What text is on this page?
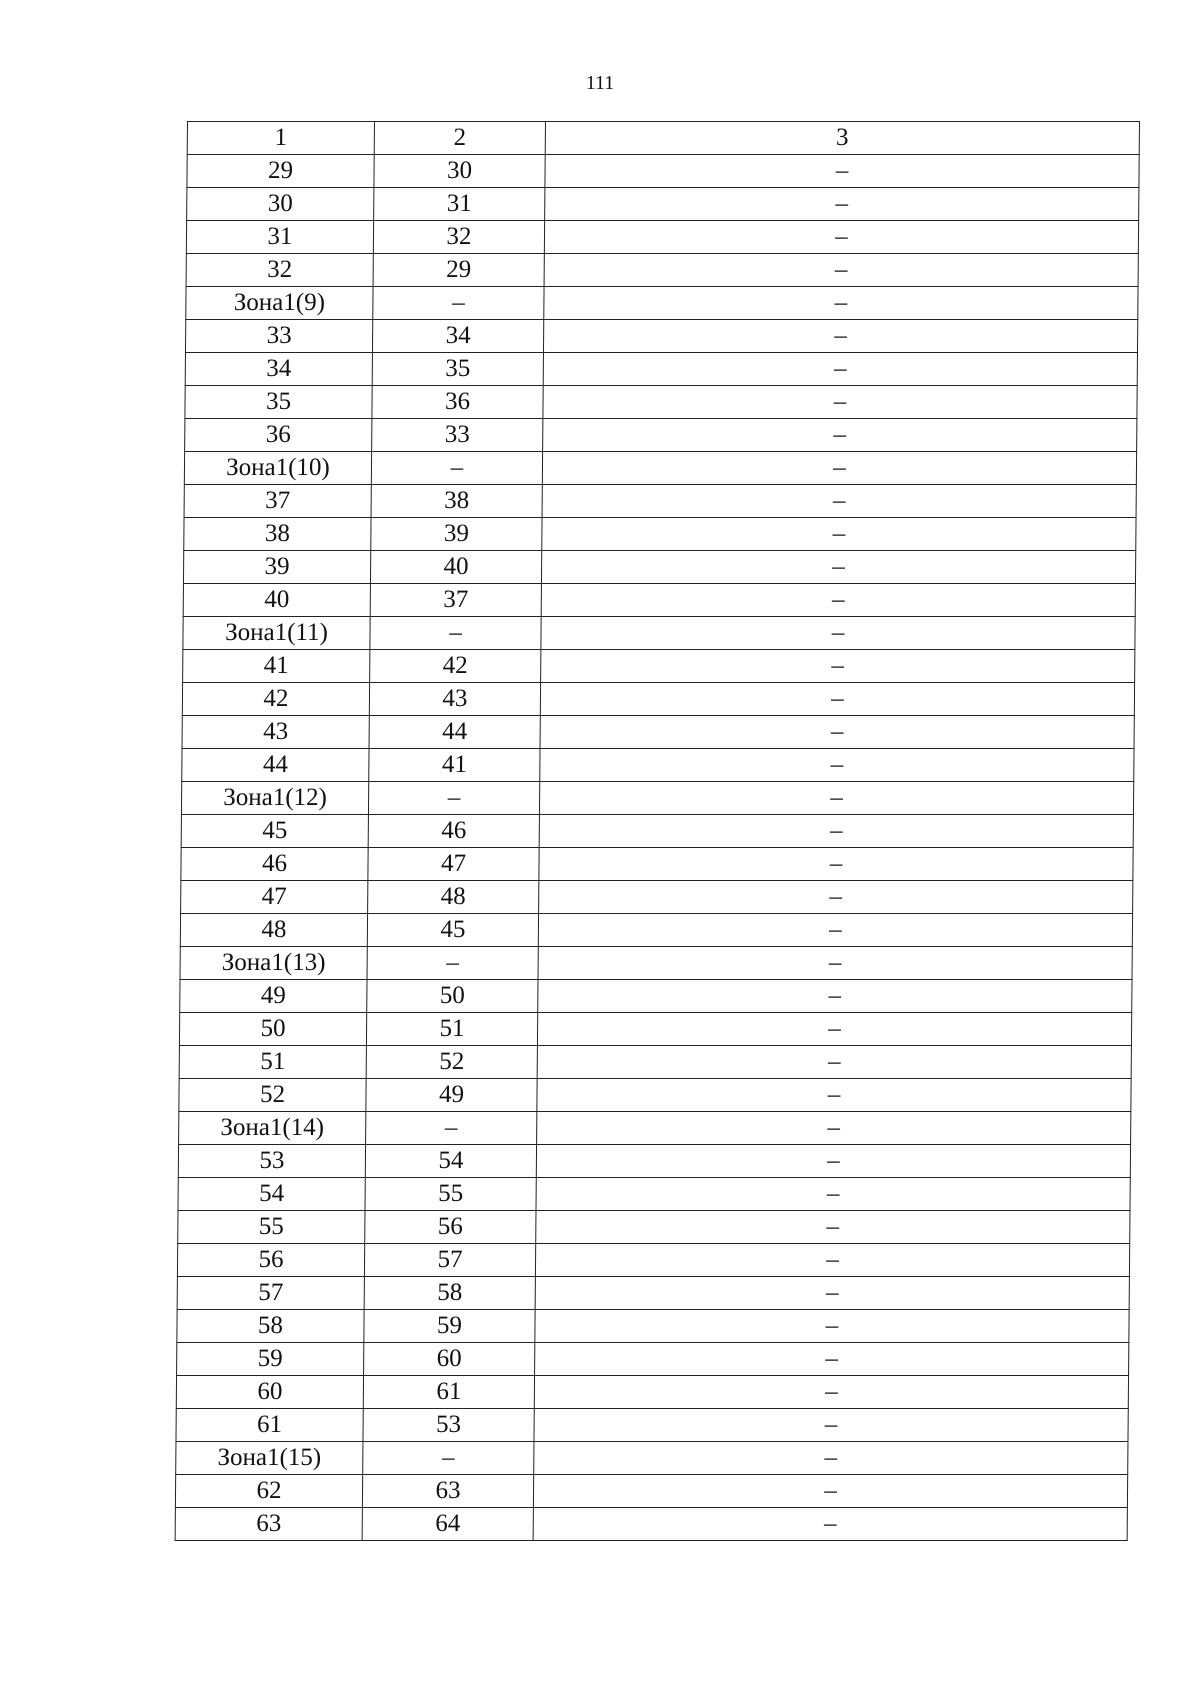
111
1	2	3
29	30	–
30	31	–
31	32	–
32	29	–
Зона1(9)	–	–
33	34	–
34	35	–
35	36	–
36	33	–
Зона1(10)	–	–
37	38	–
38	39	–
39	40	–
40	37	–
Зона1(11)	–	–
41	42	–
42	43	–
43	44	–
44	41	–
Зона1(12)	–	–
45	46	–
46	47	–
47	48	–
48	45	–
Зона1(13)	–	–
49	50	–
50	51	–
51	52	–
52	49	–
Зона1(14)	–	–
53	54	–
54	55	–
55	56	–
56	57	–
57	58	–
58	59	–
59	60	–
60	61	–
61	53	–
Зона1(15)	–	–
62	63	–
63	64	–
